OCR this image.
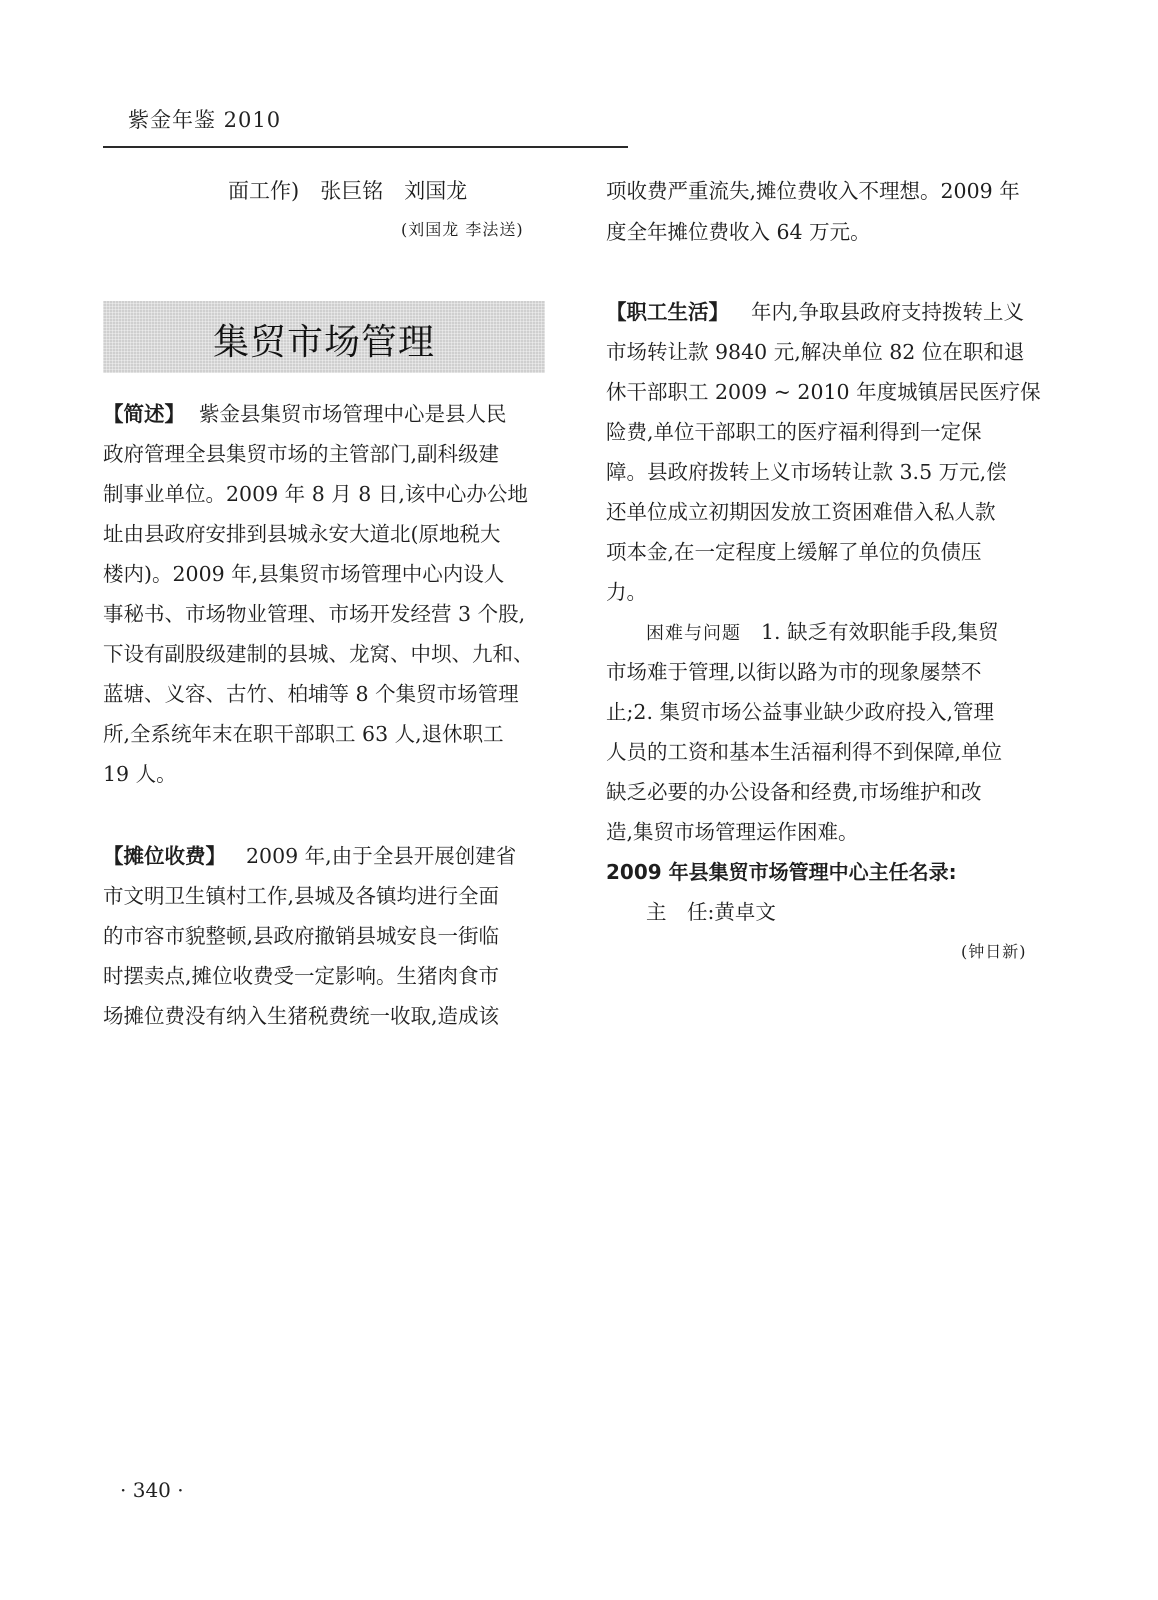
紫金年鉴 2010
面工作)　张巨铭　刘国龙
(刘国龙 李法送)
集贸市场管理
【简述】 紫金县集贸市场管理中心是县人民
政府管理全县集贸市场的主管部门,副科级建
制事业单位。2009 年 8 月 8 日,该中心办公地
址由县政府安排到县城永安大道北(原地税大
楼内)。2009 年,县集贸市场管理中心内设人
事秘书、市场物业管理、市场开发经营 3 个股,
下设有副股级建制的县城、龙窝、中坝、九和、
蓝塘、义容、古竹、柏埔等 8 个集贸市场管理
所,全系统年末在职干部职工 63 人,退休职工
19 人。
【摊位收费】 2009 年,由于全县开展创建省
市文明卫生镇村工作,县城及各镇均进行全面
的市容市貌整顿,县政府撤销县城安良一街临
时摆卖点,摊位收费受一定影响。生猪肉食市
场摊位费没有纳入生猪税费统一收取,造成该
项收费严重流失,摊位费收入不理想。2009 年
度全年摊位费收入 64 万元。
【职工生活】 年内,争取县政府支持拨转上义
市场转让款 9840 元,解决单位 82 位在职和退
休干部职工 2009 ~ 2010 年度城镇居民医疗保
险费,单位干部职工的医疗福利得到一定保
障。县政府拨转上义市场转让款 3.5 万元,偿
还单位成立初期因发放工资困难借入私人款
项本金,在一定程度上缓解了单位的负债压
力。
困难与问题 1. 缺乏有效职能手段,集贸
市场难于管理,以街以路为市的现象屡禁不
止;2. 集贸市场公益事业缺少政府投入,管理
人员的工资和基本生活福利得不到保障,单位
缺乏必要的办公设备和经费,市场维护和改
造,集贸市场管理运作困难。
2009 年县集贸市场管理中心主任名录:
主　任:黄卓文
(钟日新)
· 340 ·
